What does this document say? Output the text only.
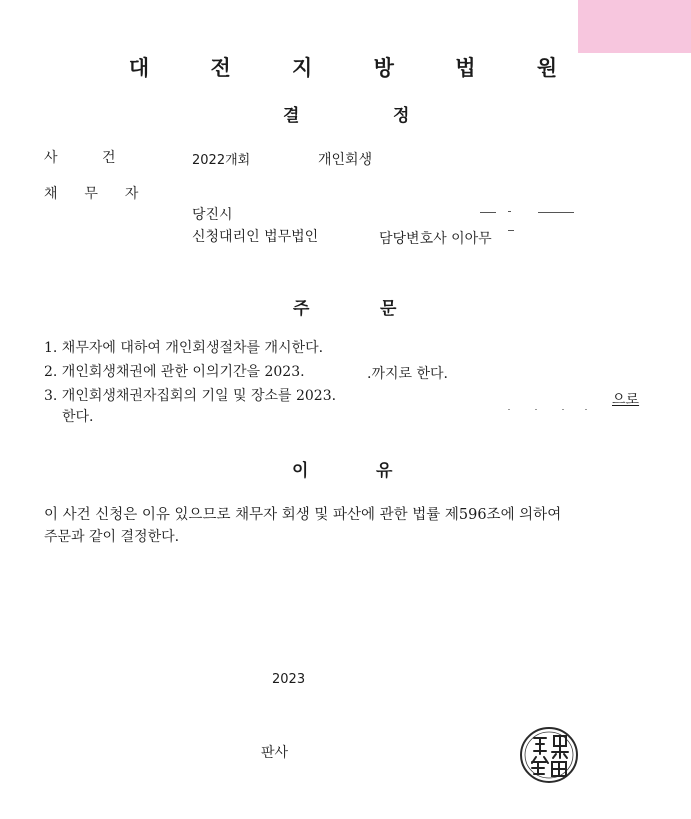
대 전 지 방 법 원
결	정
사          건	2022개회	개인회생
채  무  자
당진시
신청대리인 법무법인	담당변호사 이아무
주	문
1. 채무자에 대하여 개인회생절차를 개시한다.
2. 개인회생채권에 관한 이의기간을 2023.	.까지로 한다.
3. 개인회생채권자집회의 기일 및 장소를 2023.	으로
한다.
이	유
이 사건 신청은 이유 있으므로 채무자 회생 및 파산에 관한 법률 제596조에 의하여
주문과 같이 결정한다.
2023
판사
